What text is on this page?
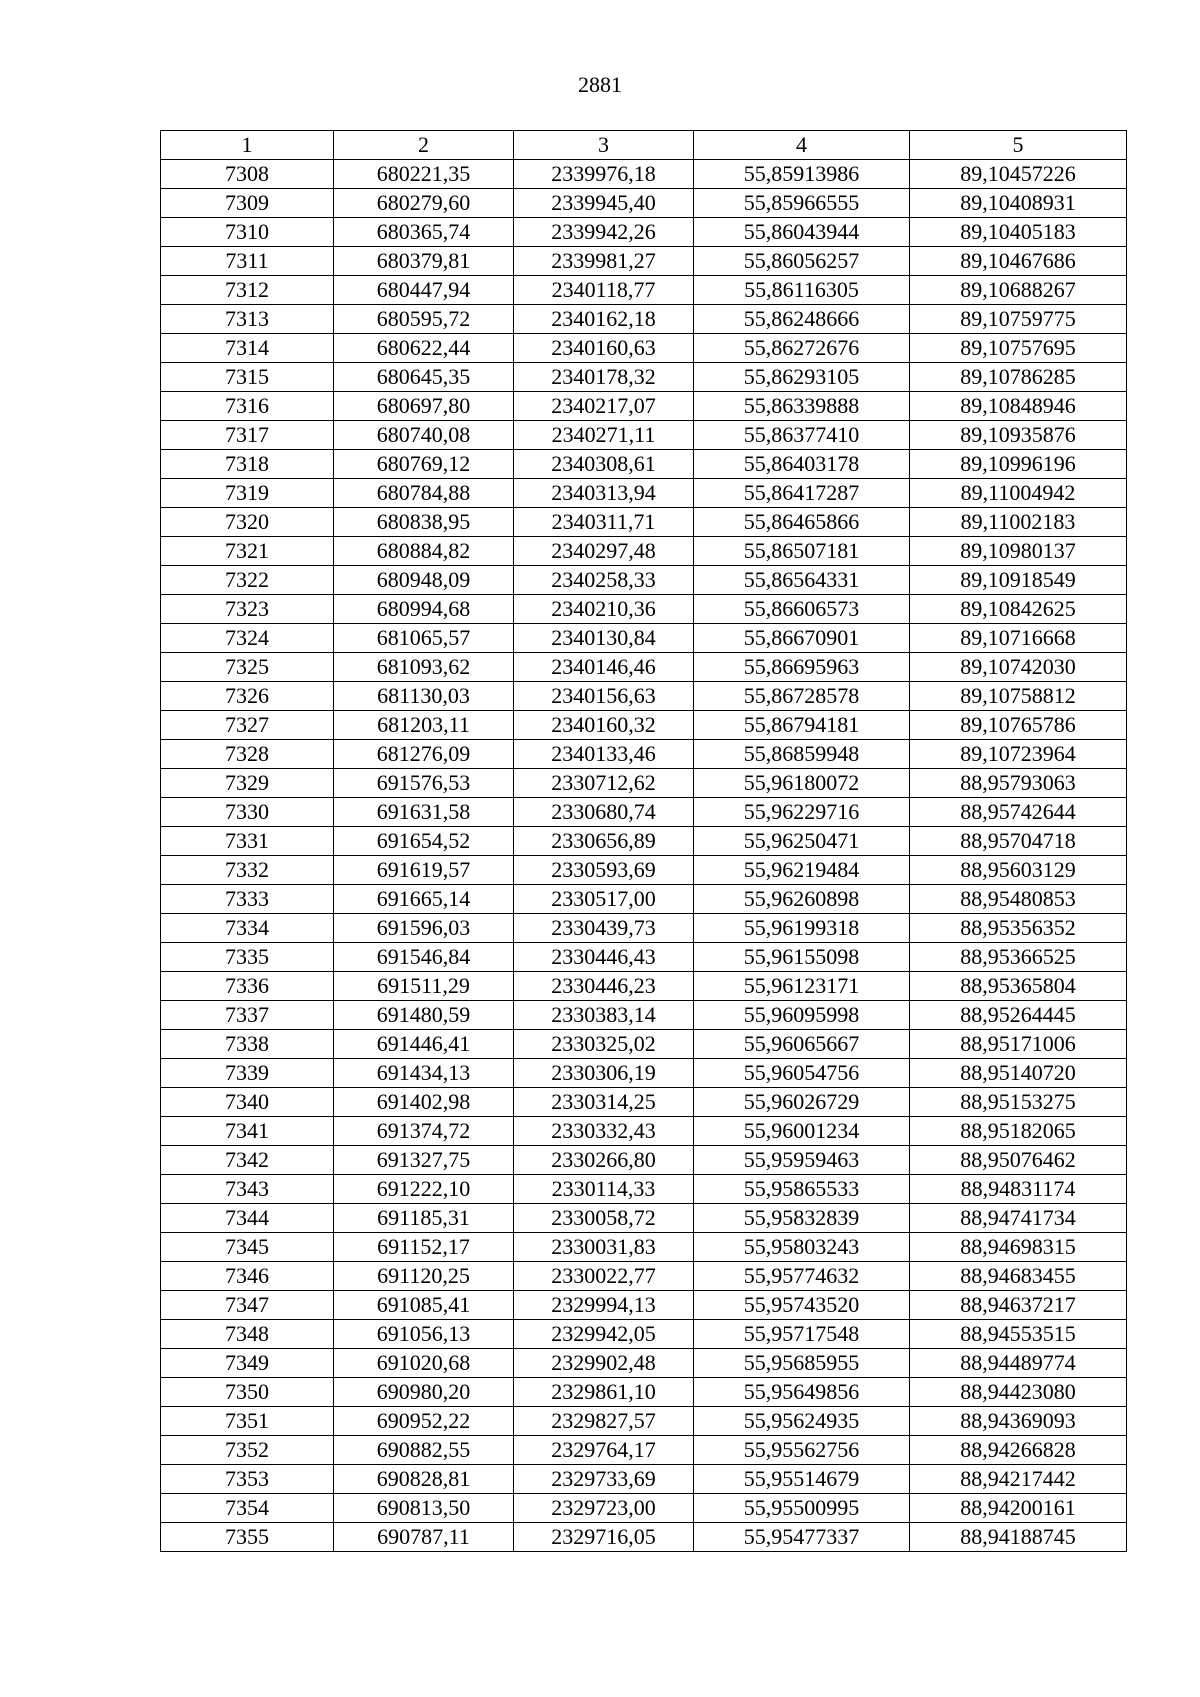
2881
1	2	3	4	5
7308	680221,35	2339976,18	55,85913986	89,10457226
7309	680279,60	2339945,40	55,85966555	89,10408931
7310	680365,74	2339942,26	55,86043944	89,10405183
7311	680379,81	2339981,27	55,86056257	89,10467686
7312	680447,94	2340118,77	55,86116305	89,10688267
7313	680595,72	2340162,18	55,86248666	89,10759775
7314	680622,44	2340160,63	55,86272676	89,10757695
7315	680645,35	2340178,32	55,86293105	89,10786285
7316	680697,80	2340217,07	55,86339888	89,10848946
7317	680740,08	2340271,11	55,86377410	89,10935876
7318	680769,12	2340308,61	55,86403178	89,10996196
7319	680784,88	2340313,94	55,86417287	89,11004942
7320	680838,95	2340311,71	55,86465866	89,11002183
7321	680884,82	2340297,48	55,86507181	89,10980137
7322	680948,09	2340258,33	55,86564331	89,10918549
7323	680994,68	2340210,36	55,86606573	89,10842625
7324	681065,57	2340130,84	55,86670901	89,10716668
7325	681093,62	2340146,46	55,86695963	89,10742030
7326	681130,03	2340156,63	55,86728578	89,10758812
7327	681203,11	2340160,32	55,86794181	89,10765786
7328	681276,09	2340133,46	55,86859948	89,10723964
7329	691576,53	2330712,62	55,96180072	88,95793063
7330	691631,58	2330680,74	55,96229716	88,95742644
7331	691654,52	2330656,89	55,96250471	88,95704718
7332	691619,57	2330593,69	55,96219484	88,95603129
7333	691665,14	2330517,00	55,96260898	88,95480853
7334	691596,03	2330439,73	55,96199318	88,95356352
7335	691546,84	2330446,43	55,96155098	88,95366525
7336	691511,29	2330446,23	55,96123171	88,95365804
7337	691480,59	2330383,14	55,96095998	88,95264445
7338	691446,41	2330325,02	55,96065667	88,95171006
7339	691434,13	2330306,19	55,96054756	88,95140720
7340	691402,98	2330314,25	55,96026729	88,95153275
7341	691374,72	2330332,43	55,96001234	88,95182065
7342	691327,75	2330266,80	55,95959463	88,95076462
7343	691222,10	2330114,33	55,95865533	88,94831174
7344	691185,31	2330058,72	55,95832839	88,94741734
7345	691152,17	2330031,83	55,95803243	88,94698315
7346	691120,25	2330022,77	55,95774632	88,94683455
7347	691085,41	2329994,13	55,95743520	88,94637217
7348	691056,13	2329942,05	55,95717548	88,94553515
7349	691020,68	2329902,48	55,95685955	88,94489774
7350	690980,20	2329861,10	55,95649856	88,94423080
7351	690952,22	2329827,57	55,95624935	88,94369093
7352	690882,55	2329764,17	55,95562756	88,94266828
7353	690828,81	2329733,69	55,95514679	88,94217442
7354	690813,50	2329723,00	55,95500995	88,94200161
7355	690787,11	2329716,05	55,95477337	88,94188745
